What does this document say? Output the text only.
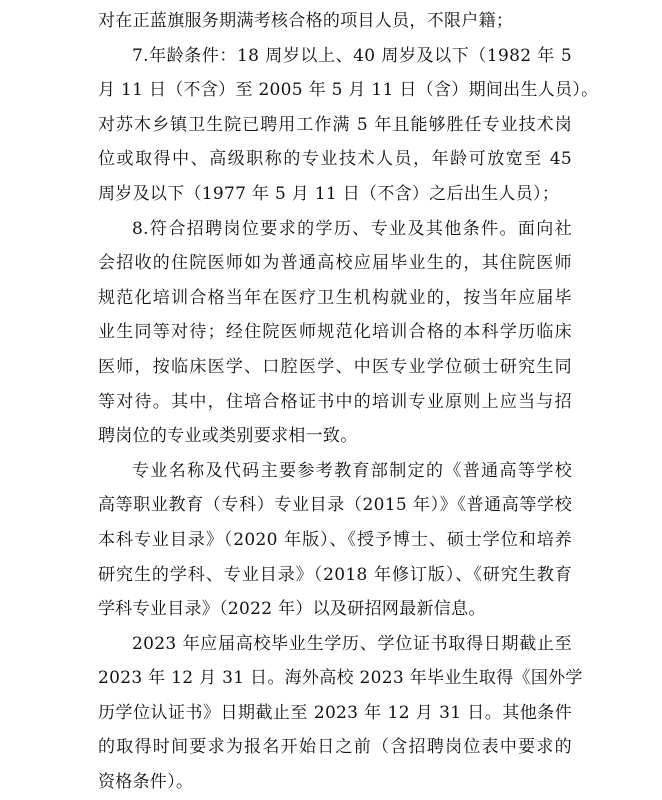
对在正蓝旗服务期满考核合格的项目人员，不限户籍；
7.年龄条件：18 周岁以上、40 周岁及以下（1982 年 5
月 11 日（不含）至 2005 年 5 月 11 日（含）期间出生人员）。
对苏木乡镇卫生院已聘用工作满 5 年且能够胜任专业技术岗
位或取得中、高级职称的专业技术人员，年龄可放宽至 45
周岁及以下（1977 年 5 月 11 日（不含）之后出生人员）；
8.符合招聘岗位要求的学历、专业及其他条件。面向社
会招收的住院医师如为普通高校应届毕业生的，其住院医师
规范化培训合格当年在医疗卫生机构就业的，按当年应届毕
业生同等对待；经住院医师规范化培训合格的本科学历临床
医师，按临床医学、口腔医学、中医专业学位硕士研究生同
等对待。其中，住培合格证书中的培训专业原则上应当与招
聘岗位的专业或类别要求相一致。
专业名称及代码主要参考教育部制定的《普通高等学校
高等职业教育（专科）专业目录（2015 年）》《普通高等学校
本科专业目录》（2020 年版）、《授予博士、硕士学位和培养
研究生的学科、专业目录》（2018 年修订版）、《研究生教育
学科专业目录》（2022 年）以及研招网最新信息。
2023 年应届高校毕业生学历、学位证书取得日期截止至
2023 年 12 月 31 日。海外高校 2023 年毕业生取得《国外学
历学位认证书》日期截止至 2023 年 12 月 31 日。其他条件
的取得时间要求为报名开始日之前（含招聘岗位表中要求的
资格条件）。
